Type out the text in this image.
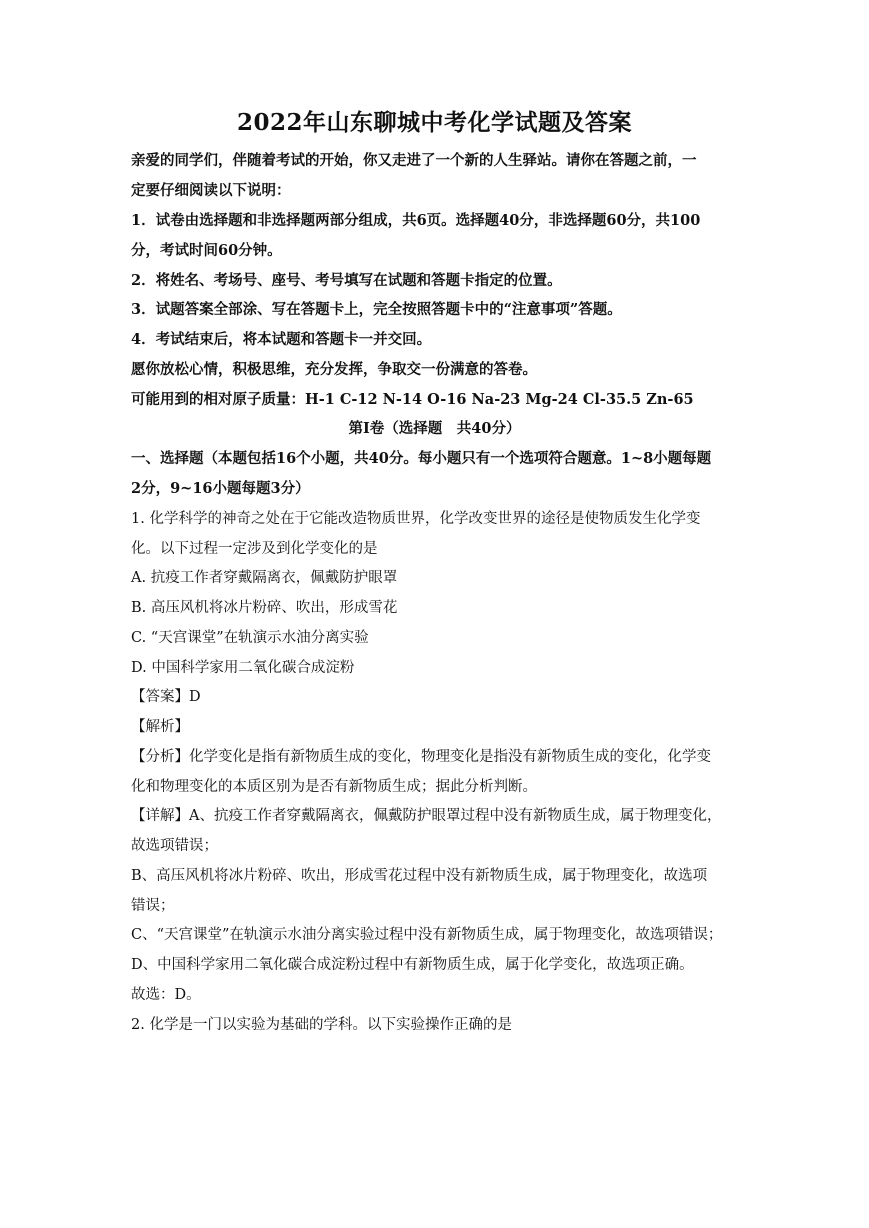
2022年山东聊城中考化学试题及答案
亲爱的同学们，伴随着考试的开始，你又走进了一个新的人生驿站。请你在答题之前，一
定要仔细阅读以下说明：
1．试卷由选择题和非选择题两部分组成，共6页。选择题40分，非选择题60分，共100
分，考试时间60分钟。
2．将姓名、考场号、座号、考号填写在试题和答题卡指定的位置。
3．试题答案全部涂、写在答题卡上，完全按照答题卡中的“注意事项”答题。
4．考试结束后，将本试题和答题卡一并交回。
愿你放松心情，积极思维，充分发挥，争取交一份满意的答卷。
可能用到的相对原子质量：H-1 C-12 N-14 O-16 Na-23 Mg-24 Cl-35.5 Zn-65
第Ⅰ卷（选择题　共40分）
一、选择题（本题包括16个小题，共40分。每小题只有一个选项符合题意。1~8小题每题
2分，9~16小题每题3分）
1. 化学科学的神奇之处在于它能改造物质世界，化学改变世界的途径是使物质发生化学变
化。以下过程一定涉及到化学变化的是
A. 抗疫工作者穿戴隔离衣，佩戴防护眼罩
B. 高压风机将冰片粉碎、吹出，形成雪花
C. “天宫课堂”在轨演示水油分离实验
D. 中国科学家用二氧化碳合成淀粉
【答案】D
【解析】
【分析】化学变化是指有新物质生成的变化，物理变化是指没有新物质生成的变化，化学变
化和物理变化的本质区别为是否有新物质生成；据此分析判断。
【详解】A、抗疫工作者穿戴隔离衣，佩戴防护眼罩过程中没有新物质生成，属于物理变化，
故选项错误；
B、高压风机将冰片粉碎、吹出，形成雪花过程中没有新物质生成，属于物理变化，故选项
错误；
C、“天宫课堂”在轨演示水油分离实验过程中没有新物质生成，属于物理变化，故选项错误；
D、中国科学家用二氧化碳合成淀粉过程中有新物质生成，属于化学变化，故选项正确。
故选：D。
2. 化学是一门以实验为基础的学科。以下实验操作正确的是
